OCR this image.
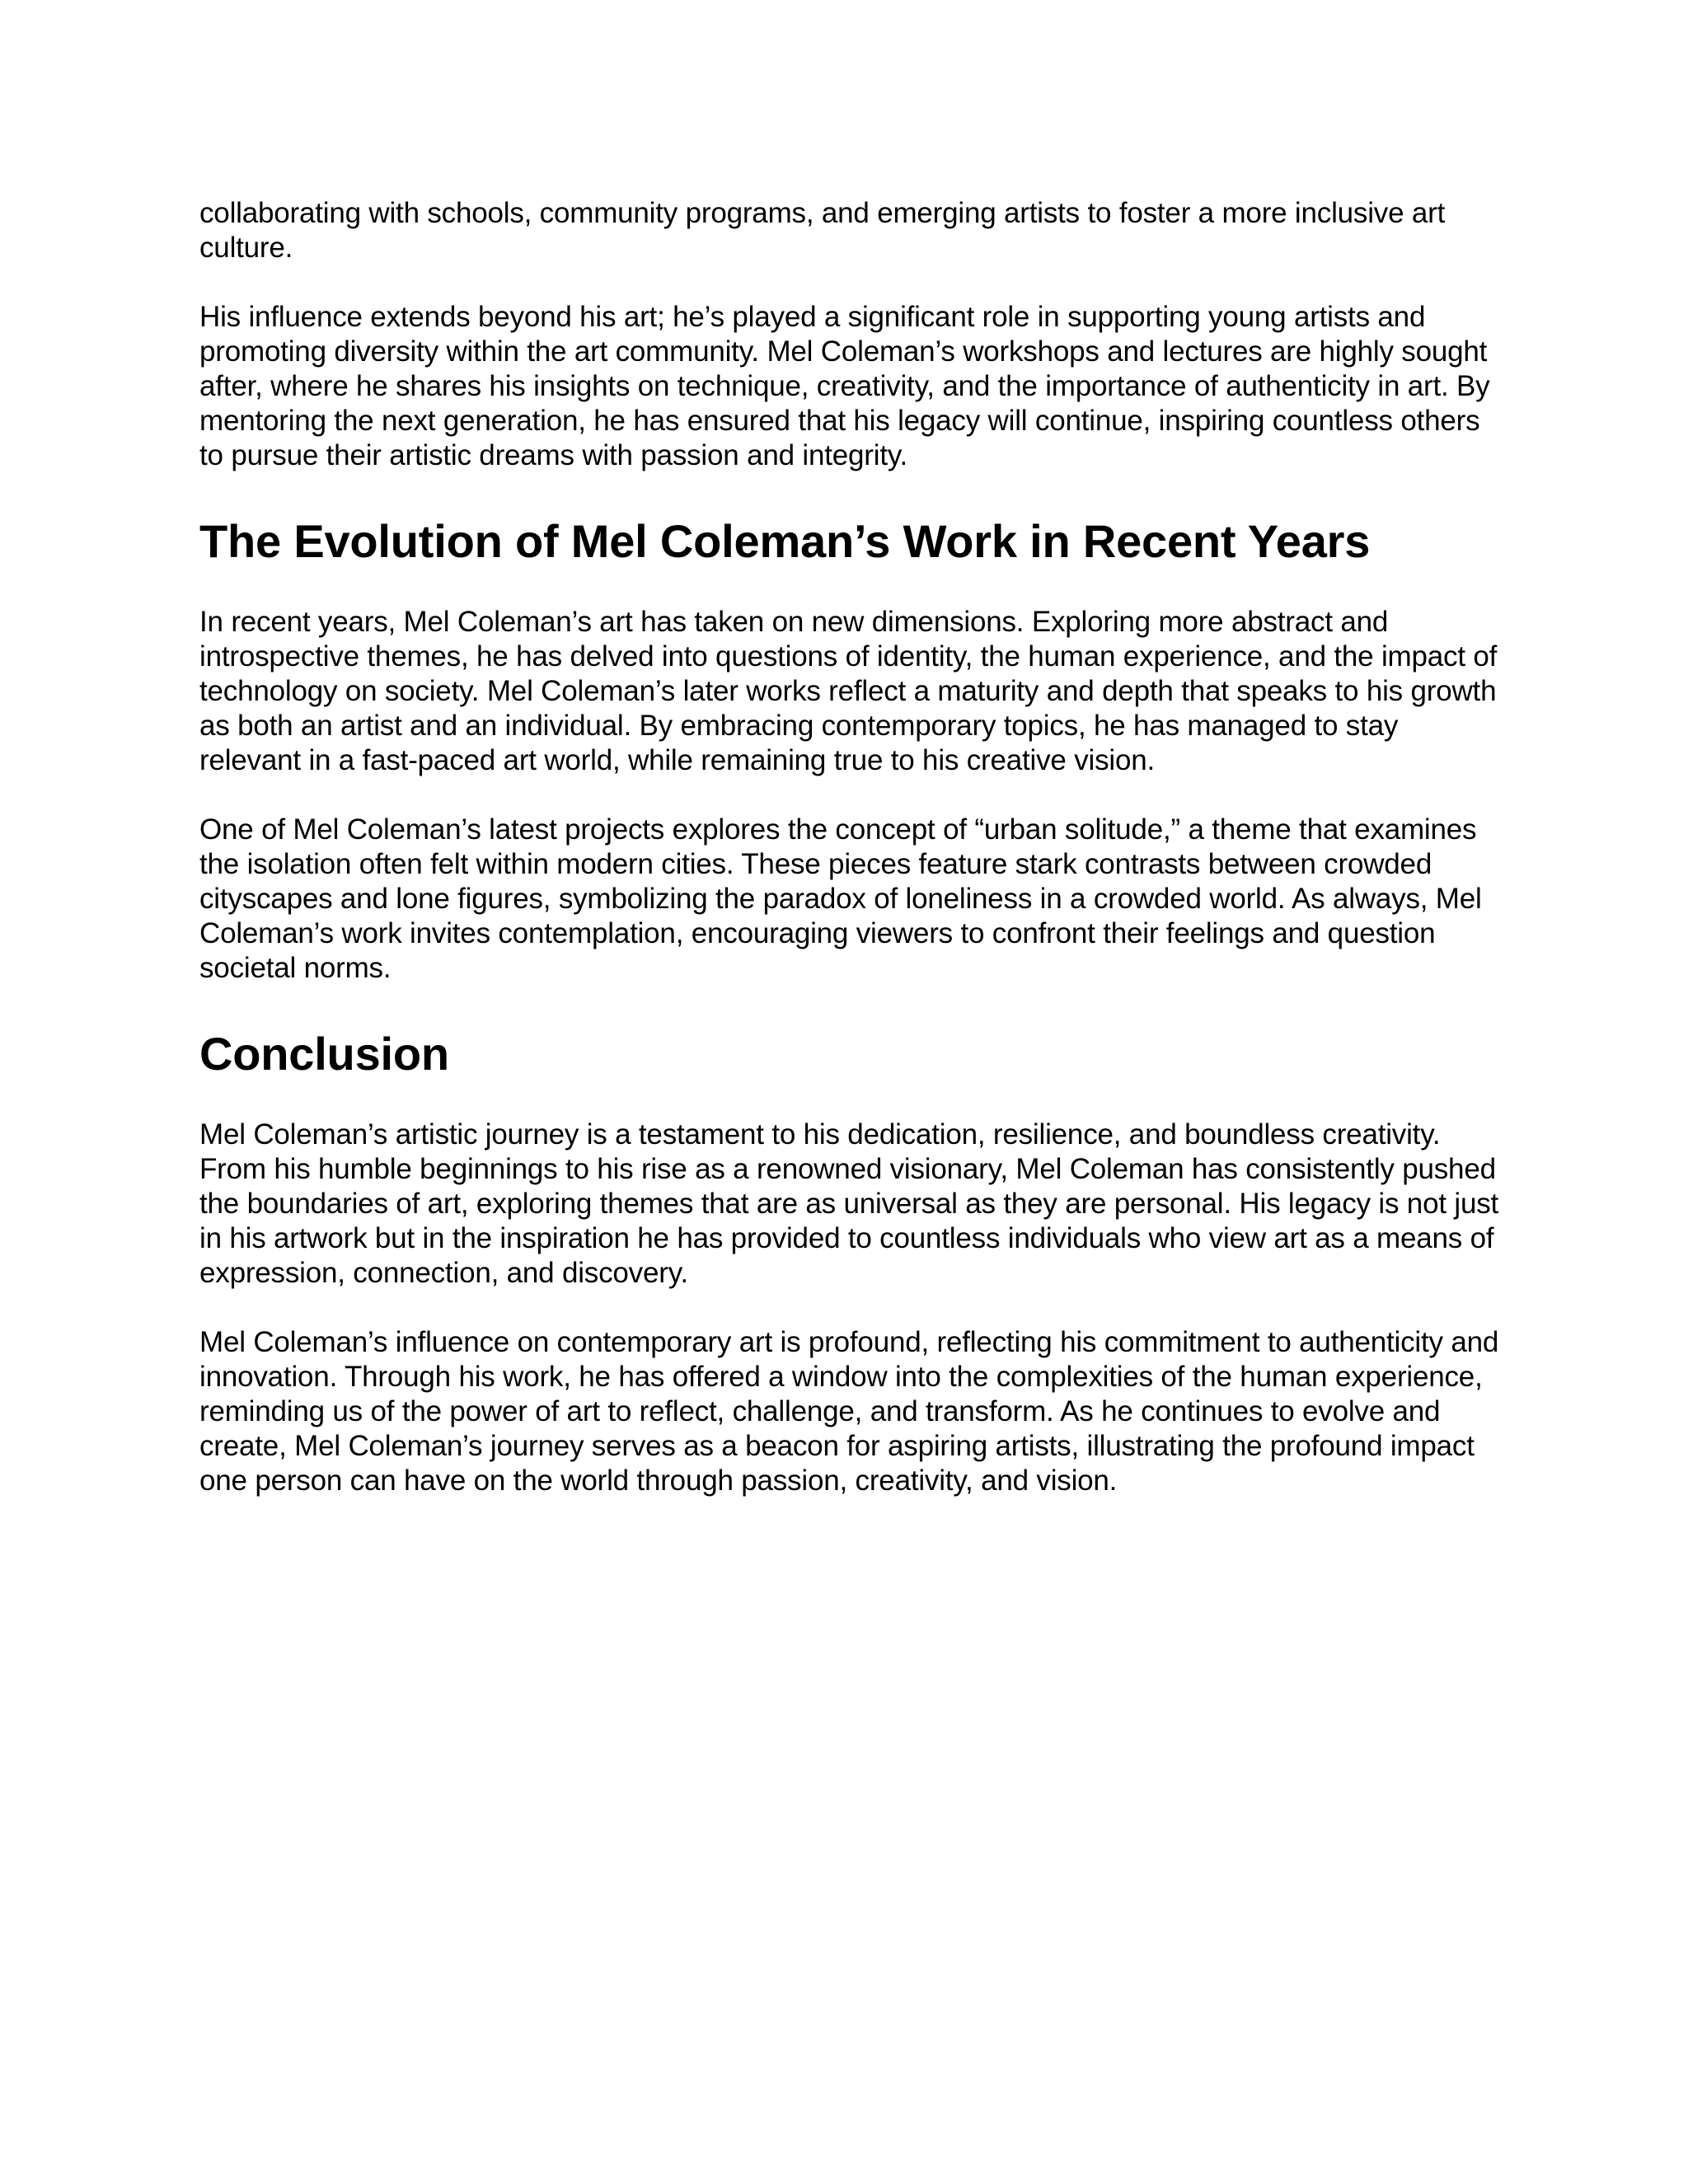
collaborating with schools, community programs, and emerging artists to foster a more inclusive art culture.

His influence extends beyond his art; he’s played a significant role in supporting young artists and promoting diversity within the art community. Mel Coleman’s workshops and lectures are highly sought after, where he shares his insights on technique, creativity, and the importance of authenticity in art. By mentoring the next generation, he has ensured that his legacy will continue, inspiring countless others to pursue their artistic dreams with passion and integrity.

The Evolution of Mel Coleman’s Work in Recent Years

In recent years, Mel Coleman’s art has taken on new dimensions. Exploring more abstract and introspective themes, he has delved into questions of identity, the human experience, and the impact of technology on society. Mel Coleman’s later works reflect a maturity and depth that speaks to his growth as both an artist and an individual. By embracing contemporary topics, he has managed to stay relevant in a fast-paced art world, while remaining true to his creative vision.

One of Mel Coleman’s latest projects explores the concept of “urban solitude,” a theme that examines the isolation often felt within modern cities. These pieces feature stark contrasts between crowded cityscapes and lone figures, symbolizing the paradox of loneliness in a crowded world. As always, Mel Coleman’s work invites contemplation, encouraging viewers to confront their feelings and question societal norms.

Conclusion

Mel Coleman’s artistic journey is a testament to his dedication, resilience, and boundless creativity. From his humble beginnings to his rise as a renowned visionary, Mel Coleman has consistently pushed the boundaries of art, exploring themes that are as universal as they are personal. His legacy is not just in his artwork but in the inspiration he has provided to countless individuals who view art as a means of expression, connection, and discovery.

Mel Coleman’s influence on contemporary art is profound, reflecting his commitment to authenticity and innovation. Through his work, he has offered a window into the complexities of the human experience, reminding us of the power of art to reflect, challenge, and transform. As he continues to evolve and create, Mel Coleman’s journey serves as a beacon for aspiring artists, illustrating the profound impact one person can have on the world through passion, creativity, and vision.
